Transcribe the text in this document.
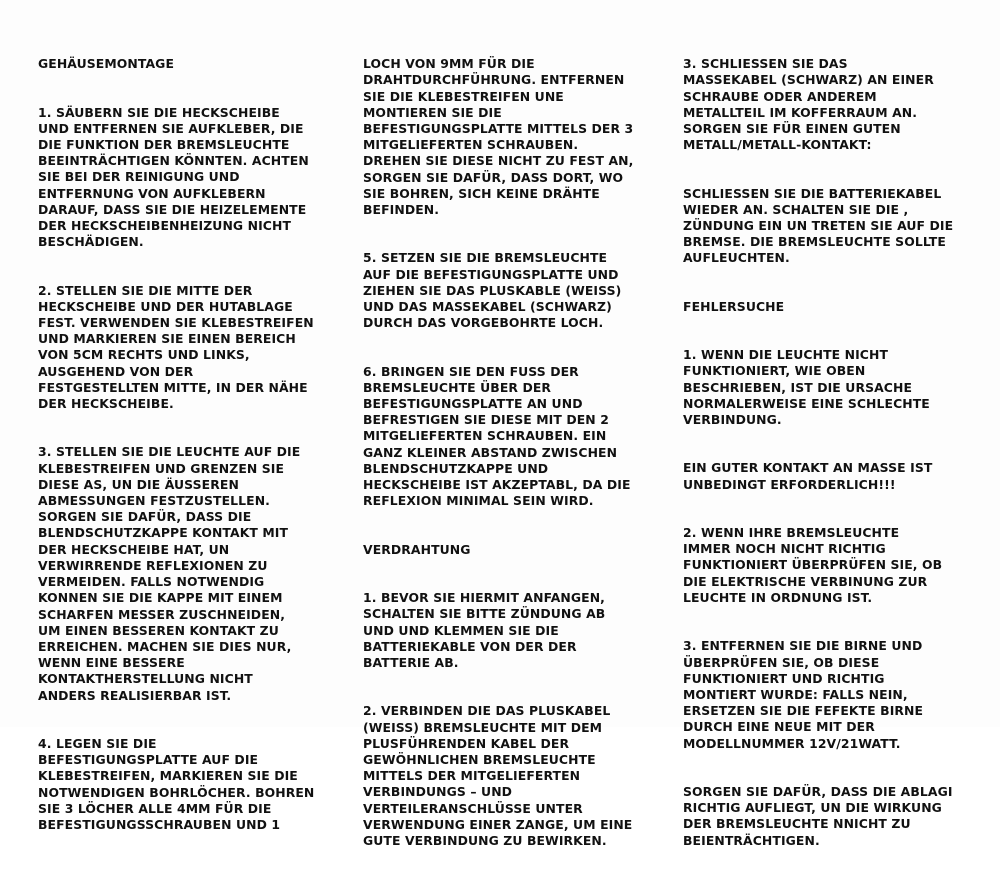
GEHÄUSEMONTAGE

1. SÄUBERN SIE DIE HECKSCHEIBE
UND ENTFERNEN SIE AUFKLEBER, DIE
DIE FUNKTION DER BREMSLEUCHTE
BEEINTRÄCHTIGEN KÖNNTEN. ACHTEN
SIE BEI DER REINIGUNG UND
ENTFERNUNG VON AUFKLEBERN
DARAUF, DASS SIE DIE HEIZELEMENTE
DER HECKSCHEIBENHEIZUNG NICHT
BESCHÄDIGEN.

2. STELLEN SIE DIE MITTE DER
HECKSCHEIBE UND DER HUTABLAGE
FEST. VERWENDEN SIE KLEBESTREIFEN
UND MARKIEREN SIE EINEN BEREICH
VON 5CM RECHTS UND LINKS,
AUSGEHEND VON DER
FESTGESTELLTEN MITTE, IN DER NÄHE
DER HECKSCHEIBE.

3. STELLEN SIE DIE LEUCHTE AUF DIE
KLEBESTREIFEN UND GRENZEN SIE
DIESE AS, UN DIE ÄUSSEREN
ABMESSUNGEN FESTZUSTELLEN.
SORGEN SIE DAFÜR, DASS DIE
BLENDSCHUTZKAPPE KONTAKT MIT
DER HECKSCHEIBE HAT, UN
VERWIRRENDE REFLEXIONEN ZU
VERMEIDEN. FALLS NOTWENDIG
KONNEN SIE DIE KAPPE MIT EINEM
SCHARFEN MESSER ZUSCHNEIDEN,
UM EINEN BESSEREN KONTAKT ZU
ERREICHEN. MACHEN SIE DIES NUR,
WENN EINE BESSERE
KONTAKTHERSTELLUNG NICHT
ANDERS REALISIERBAR IST.

4. LEGEN SIE DIE
BEFESTIGUNGSPLATTE AUF DIE
KLEBESTREIFEN, MARKIEREN SIE DIE
NOTWENDIGEN BOHRLÖCHER. BOHREN
SIE 3 LÖCHER ALLE 4MM FÜR DIE
BEFESTIGUNGSSCHRAUBEN UND 1

LOCH VON 9MM FÜR DIE
DRAHTDURCHFÜHRUNG. ENTFERNEN
SIE DIE KLEBESTREIFEN UNE
MONTIEREN SIE DIE
BEFESTIGUNGSPLATTE MITTELS DER 3
MITGELIEFERTEN SCHRAUBEN.
DREHEN SIE DIESE NICHT ZU FEST AN,
SORGEN SIE DAFÜR, DASS DORT, WO
SIE BOHREN, SICH KEINE DRÄHTE
BEFINDEN.

5. SETZEN SIE DIE BREMSLEUCHTE
AUF DIE BEFESTIGUNGSPLATTE UND
ZIEHEN SIE DAS PLUSKABLE (WEISS)
UND DAS MASSEKABEL (SCHWARZ)
DURCH DAS VORGEBOHRTE LOCH.

6. BRINGEN SIE DEN FUSS DER
BREMSLEUCHTE ÜBER DER
BEFESTIGUNGSPLATTE AN UND
BEFRESTIGEN SIE DIESE MIT DEN 2
MITGELIEFERTEN SCHRAUBEN. EIN
GANZ KLEINER ABSTAND ZWISCHEN
BLENDSCHUTZKAPPE UND
HECKSCHEIBE IST AKZEPTABL, DA DIE
REFLEXION MINIMAL SEIN WIRD.

VERDRAHTUNG

1. BEVOR SIE HIERMIT ANFANGEN,
SCHALTEN SIE BITTE ZÜNDUNG AB
UND UND KLEMMEN SIE DIE
BATTERIEKABLE VON DER DER
BATTERIE AB.

2. VERBINDEN DIE DAS PLUSKABEL
(WEISS) BREMSLEUCHTE MIT DEM
PLUSFÜHRENDEN KABEL DER
GEWÖHNLICHEN BREMSLEUCHTE
MITTELS DER MITGELIEFERTEN
VERBINDUNGS – UND
VERTEILERANSCHLÜSSE UNTER
VERWENDUNG EINER ZANGE, UM EINE
GUTE VERBINDUNG ZU BEWIRKEN.

3. SCHLIESSEN SIE DAS
MASSEKABEL (SCHWARZ) AN EINER
SCHRAUBE ODER ANDEREM
METALLTEIL IM KOFFERRAUM AN.
SORGEN SIE FÜR EINEN GUTEN
METALL/METALL-KONTAKT:

SCHLIESSEN SIE DIE BATTERIEKABEL
WIEDER AN. SCHALTEN SIE DIE ,
ZÜNDUNG EIN UN TRETEN SIE AUF DIE
BREMSE. DIE BREMSLEUCHTE SOLLTE
AUFLEUCHTEN.

FEHLERSUCHE

1. WENN DIE LEUCHTE NICHT
FUNKTIONIERT, WIE OBEN
BESCHRIEBEN, IST DIE URSACHE
NORMALERWEISE EINE SCHLECHTE
VERBINDUNG.

EIN GUTER KONTAKT AN MASSE IST
UNBEDINGT ERFORDERLICH!!!

2. WENN IHRE BREMSLEUCHTE
IMMER NOCH NICHT RICHTIG
FUNKTIONIERT ÜBERPRÜFEN SIE, OB
DIE ELEKTRISCHE VERBINUNG ZUR
LEUCHTE IN ORDNUNG IST.

3. ENTFERNEN SIE DIE BIRNE UND
ÜBERPRÜFEN SIE, OB DIESE
FUNKTIONIERT UND RICHTIG
MONTIERT WURDE: FALLS NEIN,
ERSETZEN SIE DIE FEFEKTE BIRNE
DURCH EINE NEUE MIT DER
MODELLNUMMER 12V/21WATT.

SORGEN SIE DAFÜR, DASS DIE ABLAGI
RICHTIG AUFLIEGT, UN DIE WIRKUNG
DER BREMSLEUCHTE NNICHT ZU
BEIENTRÄCHTIGEN.
